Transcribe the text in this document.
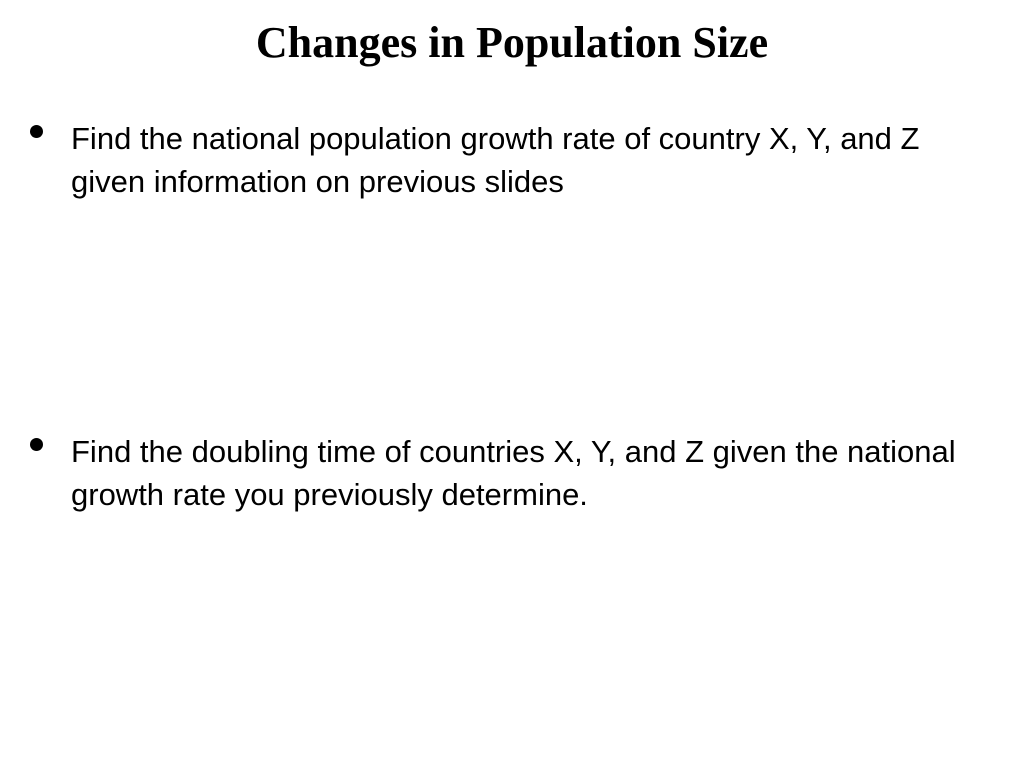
Changes in Population Size
Find the national population growth rate of country X, Y, and Z given information on previous slides
Find the doubling time of countries X, Y, and Z given the national growth rate you previously determine.
